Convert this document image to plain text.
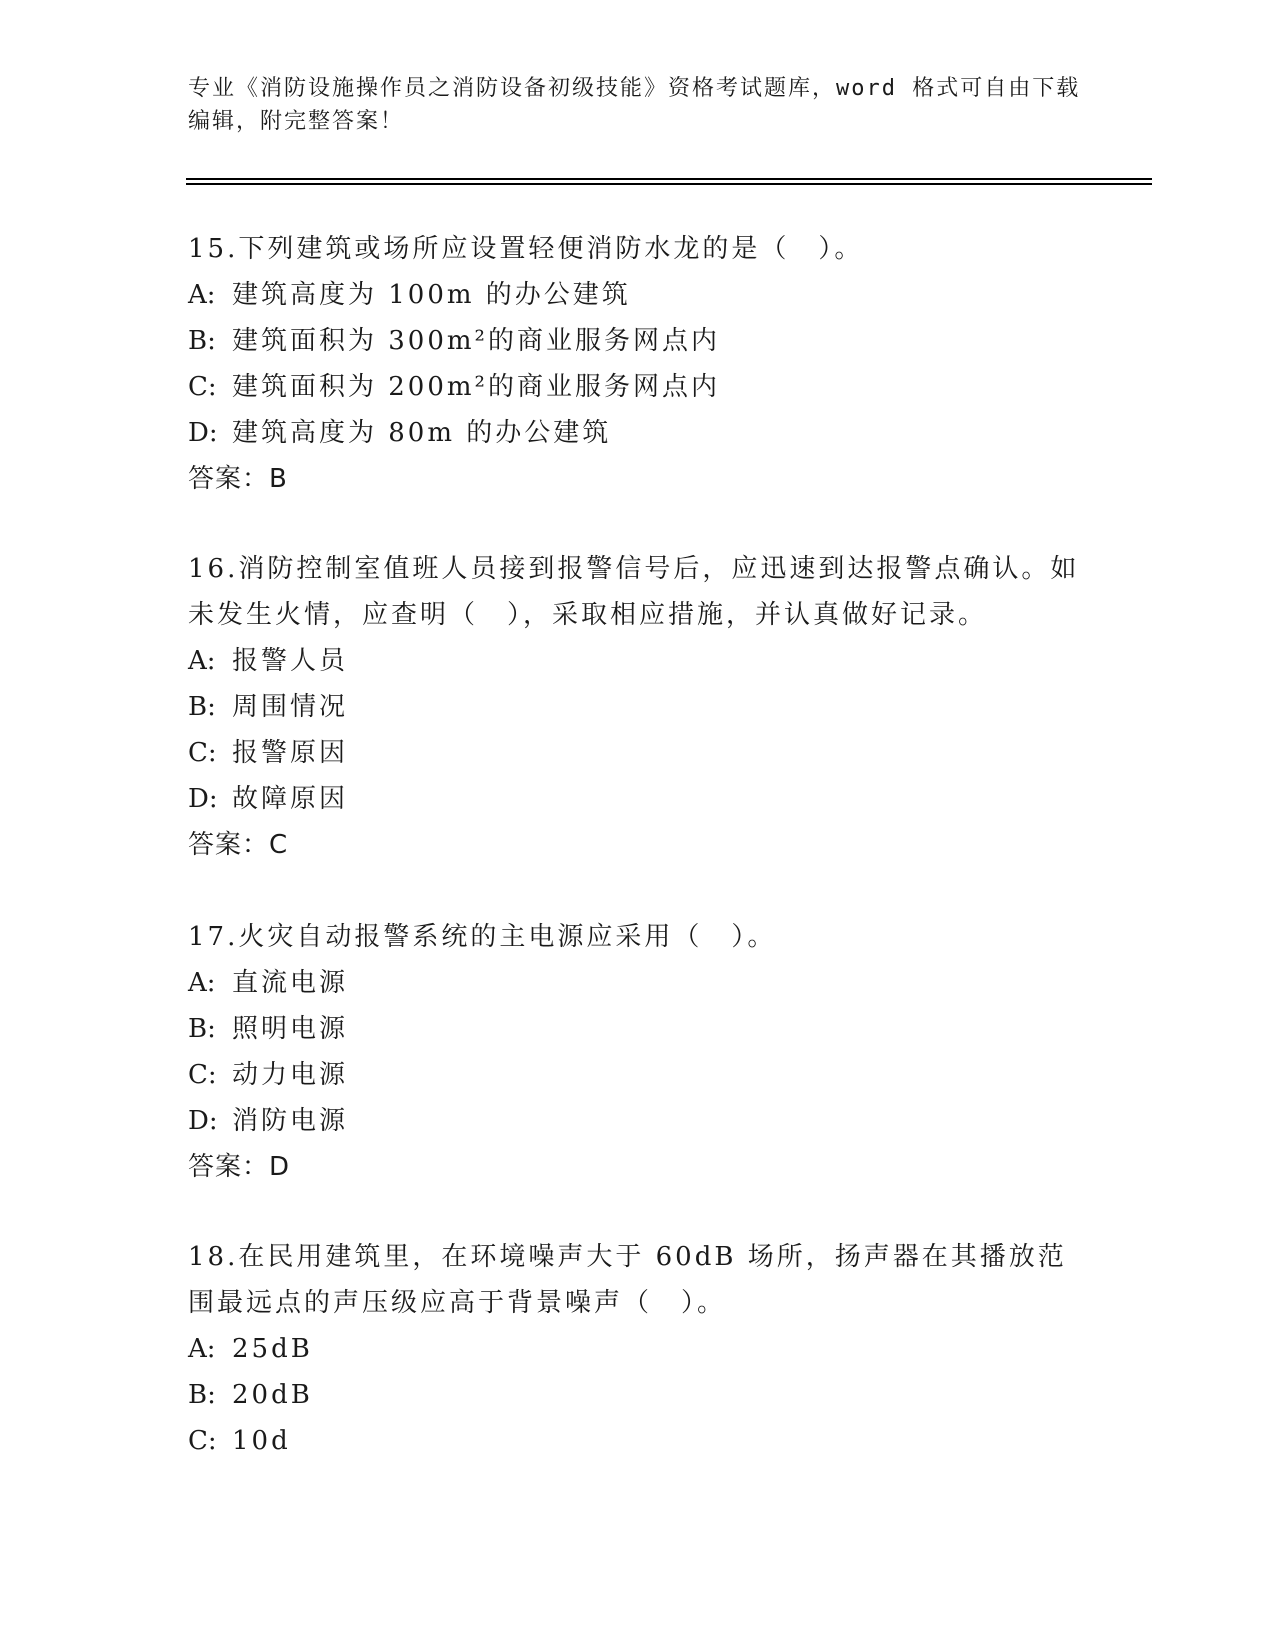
专业《消防设施操作员之消防设备初级技能》资格考试题库，word 格式可自由下载编辑，附完整答案！
15.下列建筑或场所应设置轻便消防水龙的是（　）。
A: 建筑高度为 100m 的办公建筑
B: 建筑面积为 300m²的商业服务网点内
C: 建筑面积为 200m²的商业服务网点内
D: 建筑高度为 80m 的办公建筑
答案：B
16.消防控制室值班人员接到报警信号后，应迅速到达报警点确认。如未发生火情，应查明（　），采取相应措施，并认真做好记录。
A: 报警人员
B: 周围情况
C: 报警原因
D: 故障原因
答案：C
17.火灾自动报警系统的主电源应采用（　）。
A: 直流电源
B: 照明电源
C: 动力电源
D: 消防电源
答案：D
18.在民用建筑里，在环境噪声大于 60dB 场所，扬声器在其播放范围最远点的声压级应高于背景噪声（　）。
A: 25dB
B: 20dB
C: 10d
